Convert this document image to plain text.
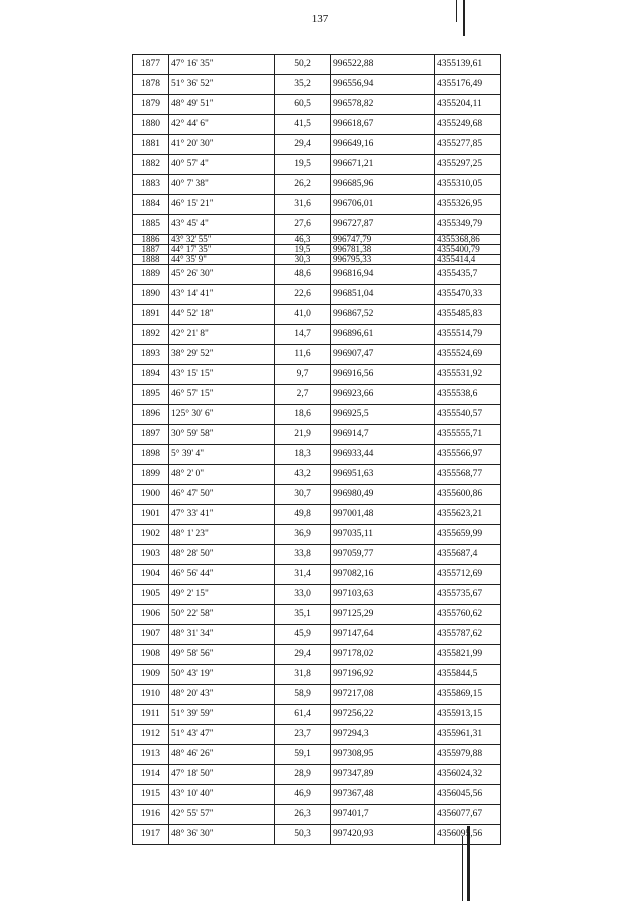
137
1877	47° 16' 35"	50,2	996522,88	4355139,61
1878	51° 36' 52"	35,2	996556,94	4355176,49
1879	48° 49' 51"	60,5	996578,82	4355204,11
1880	42° 44' 6"	41,5	996618,67	4355249,68
1881	41° 20' 30"	29,4	996649,16	4355277,85
1882	40° 57' 4"	19,5	996671,21	4355297,25
1883	40° 7' 38"	26,2	996685,96	4355310,05
1884	46° 15' 21"	31,6	996706,01	4355326,95
1885	43° 45' 4"	27,6	996727,87	4355349,79
1886	43° 32' 55"	46,3	996747,79	4355368,86
1887	44° 17' 35"	19,5	996781,38	4355400,79
1888	44° 35' 9"	30,3	996795,33	4355414,4
1889	45° 26' 30"	48,6	996816,94	4355435,7
1890	43° 14' 41"	22,6	996851,04	4355470,33
1891	44° 52' 18"	41,0	996867,52	4355485,83
1892	42° 21' 8"	14,7	996896,61	4355514,79
1893	38° 29' 52"	11,6	996907,47	4355524,69
1894	43° 15' 15"	9,7	996916,56	4355531,92
1895	46° 57' 15"	2,7	996923,66	4355538,6
1896	125° 30' 6"	18,6	996925,5	4355540,57
1897	30° 59' 58"	21,9	996914,7	4355555,71
1898	5° 39' 4"	18,3	996933,44	4355566,97
1899	48° 2' 0"	43,2	996951,63	4355568,77
1900	46° 47' 50"	30,7	996980,49	4355600,86
1901	47° 33' 41"	49,8	997001,48	4355623,21
1902	48° 1' 23"	36,9	997035,11	4355659,99
1903	48° 28' 50"	33,8	997059,77	4355687,4
1904	46° 56' 44"	31,4	997082,16	4355712,69
1905	49° 2' 15"	33,0	997103,63	4355735,67
1906	50° 22' 58"	35,1	997125,29	4355760,62
1907	48° 31' 34"	45,9	997147,64	4355787,62
1908	49° 58' 56"	29,4	997178,02	4355821,99
1909	50° 43' 19"	31,8	997196,92	4355844,5
1910	48° 20' 43"	58,9	997217,08	4355869,15
1911	51° 39' 59"	61,4	997256,22	4355913,15
1912	51° 43' 47"	23,7	997294,3	4355961,31
1913	48° 46' 26"	59,1	997308,95	4355979,88
1914	47° 18' 50"	28,9	997347,89	4356024,32
1915	43° 10' 40"	46,9	997367,48	4356045,56
1916	42° 55' 57"	26,3	997401,7	4356077,67
1917	48° 36' 30"	50,3	997420,93	4356095,56
